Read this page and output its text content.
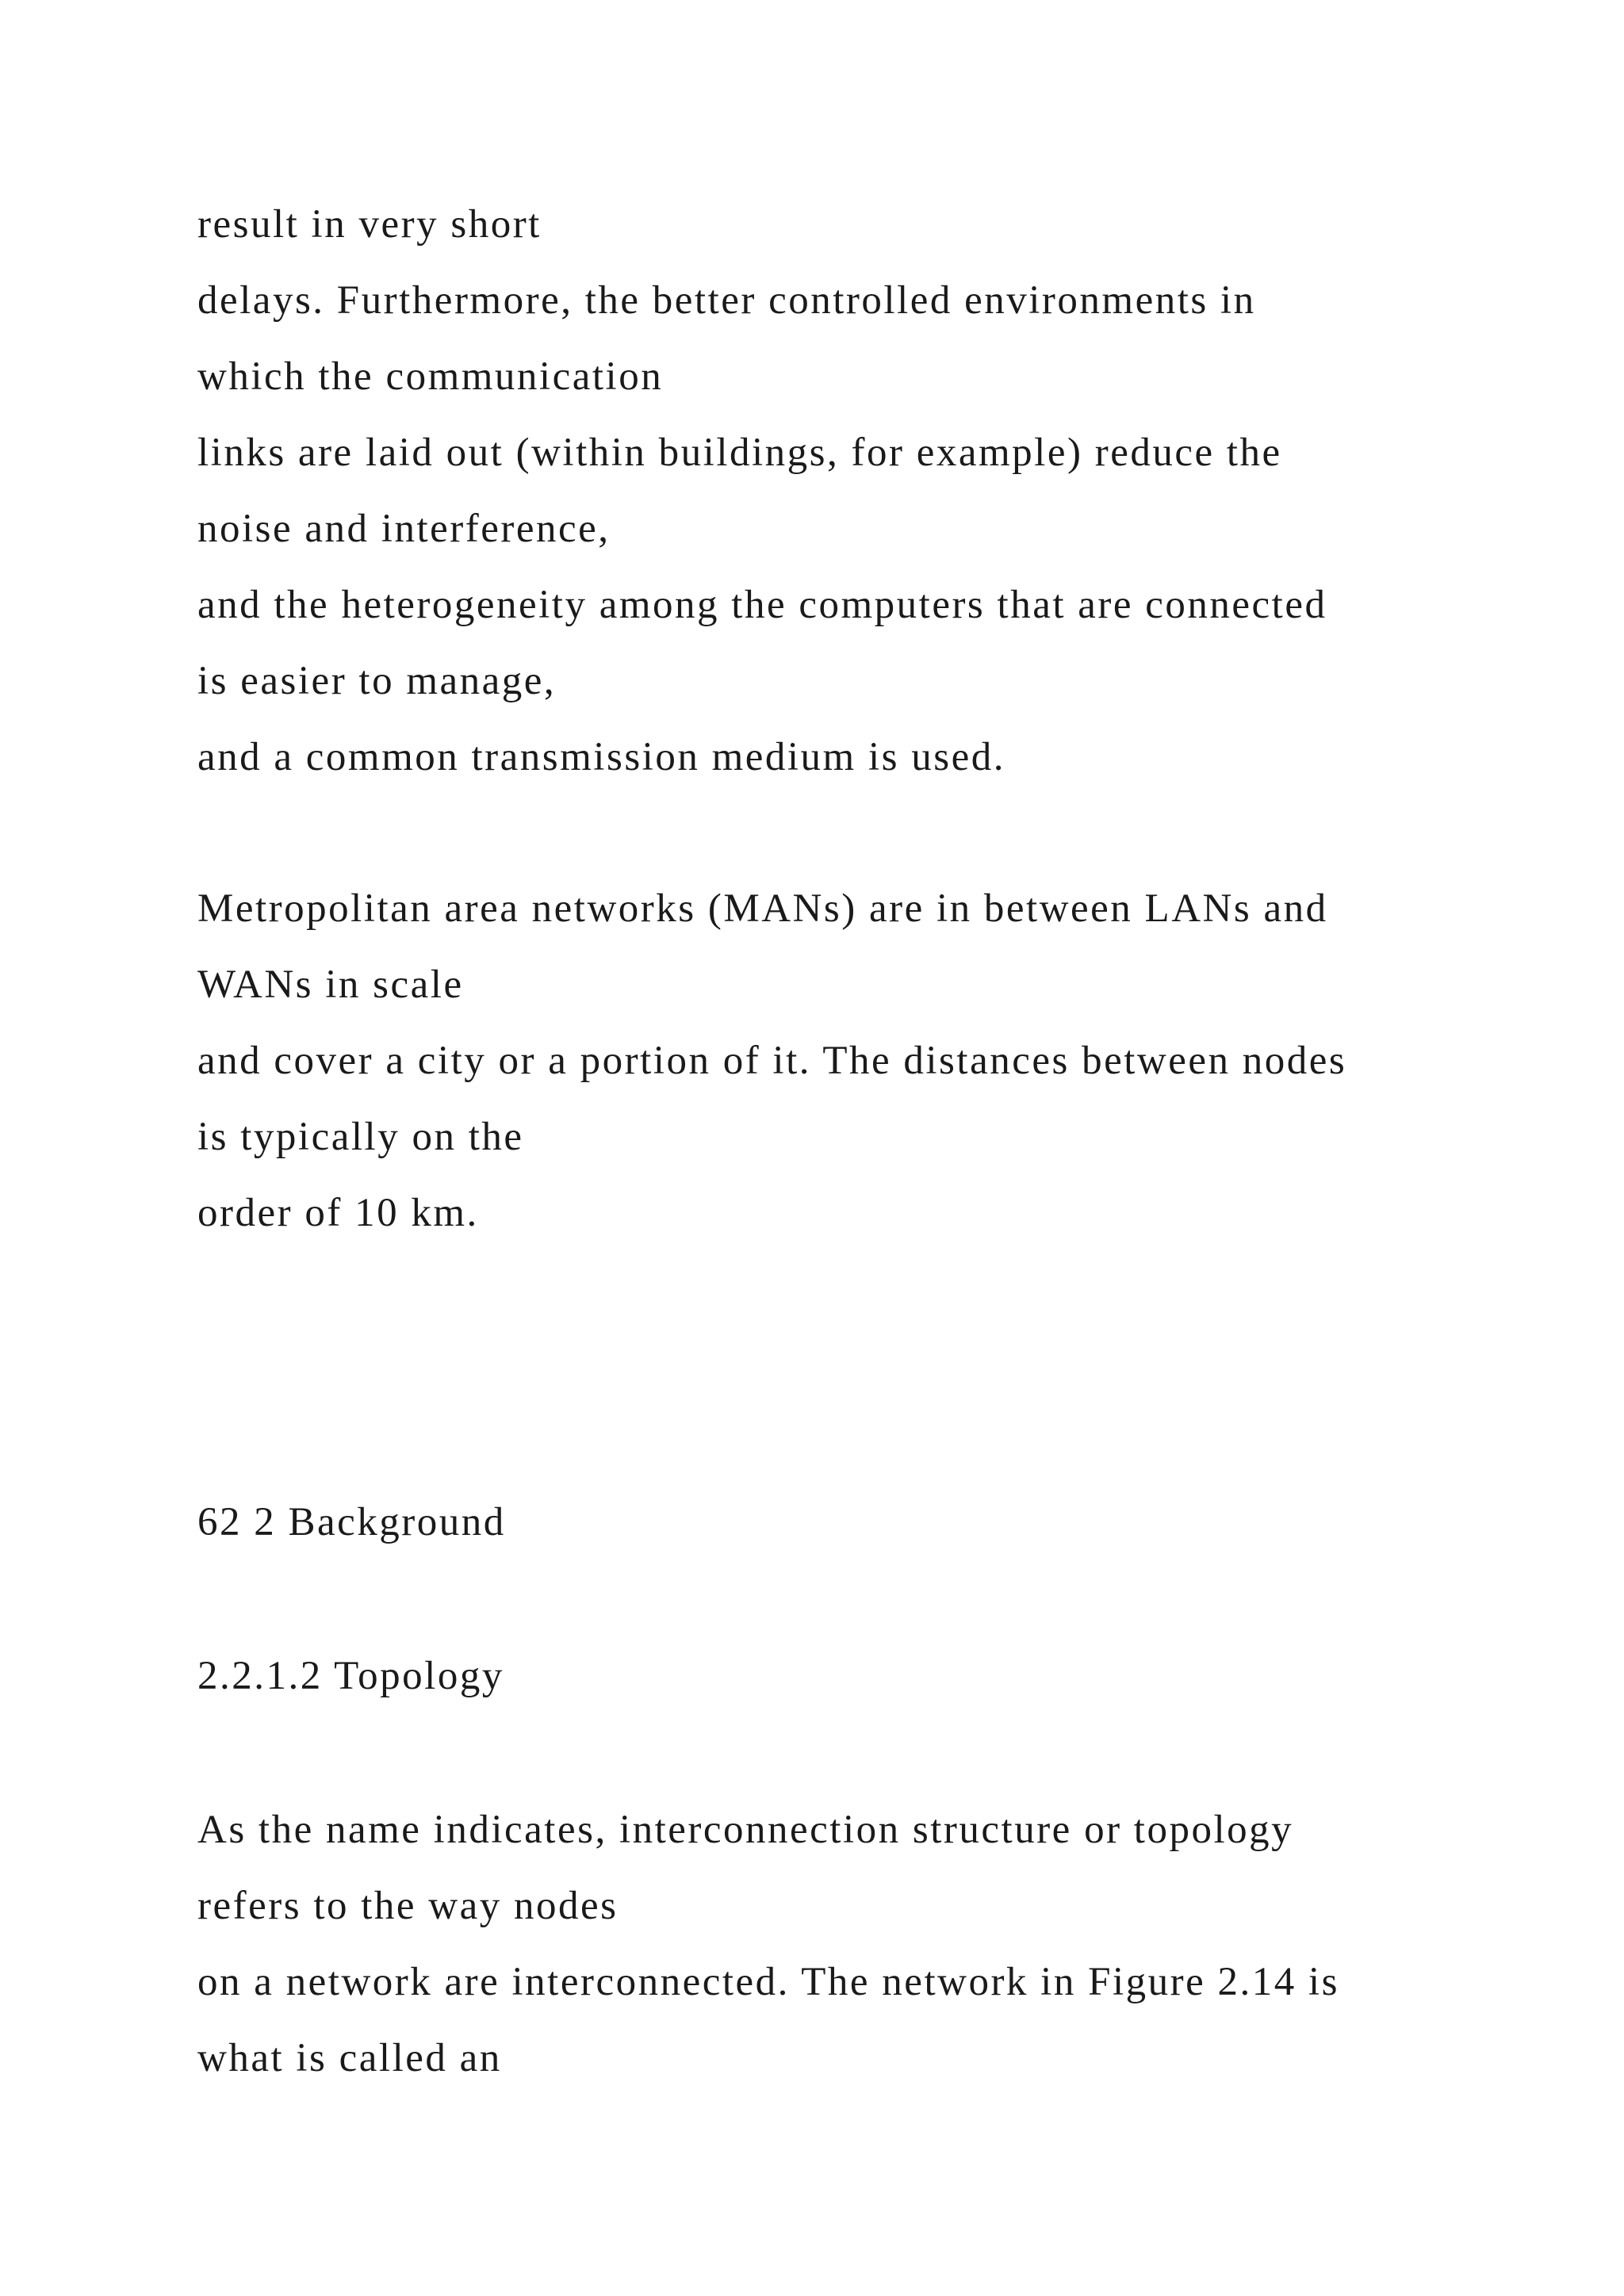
result in very short

delays. Furthermore, the better controlled environments in

which the communication

links are laid out (within buildings, for example) reduce the

noise and interference,

and the heterogeneity among the computers that are connected

is easier to manage,

and a common transmission medium is used.

Metropolitan area networks (MANs) are in between LANs and

WANs in scale

and cover a city or a portion of it. The distances between nodes

is typically on the

order of 10 km.

62 2 Background

2.2.1.2 Topology

As the name indicates, interconnection structure or topology

refers to the way nodes

on a network are interconnected. The network in Figure 2.14 is

what is called an
